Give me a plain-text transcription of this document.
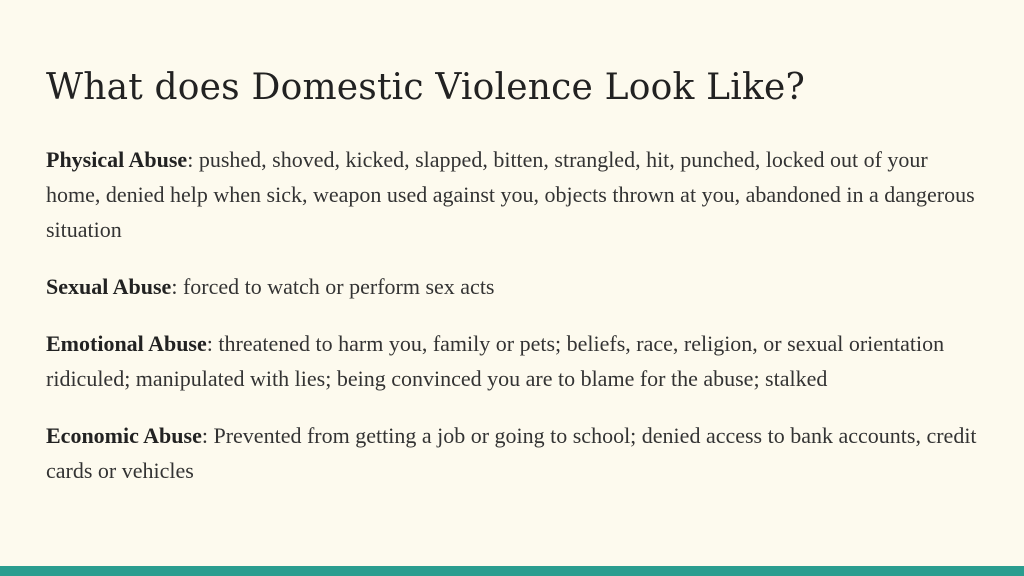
What does Domestic Violence Look Like?

Physical Abuse: pushed, shoved, kicked, slapped, bitten, strangled, hit, punched, locked out of your home, denied help when sick, weapon used against you, objects thrown at you, abandoned in a dangerous situation

Sexual Abuse: forced to watch or perform sex acts

Emotional Abuse: threatened to harm you, family or pets; beliefs, race, religion, or sexual orientation ridiculed; manipulated with lies; being convinced you are to blame for the abuse; stalked

Economic Abuse: Prevented from getting a job or going to school; denied access to bank accounts, credit cards or vehicles
